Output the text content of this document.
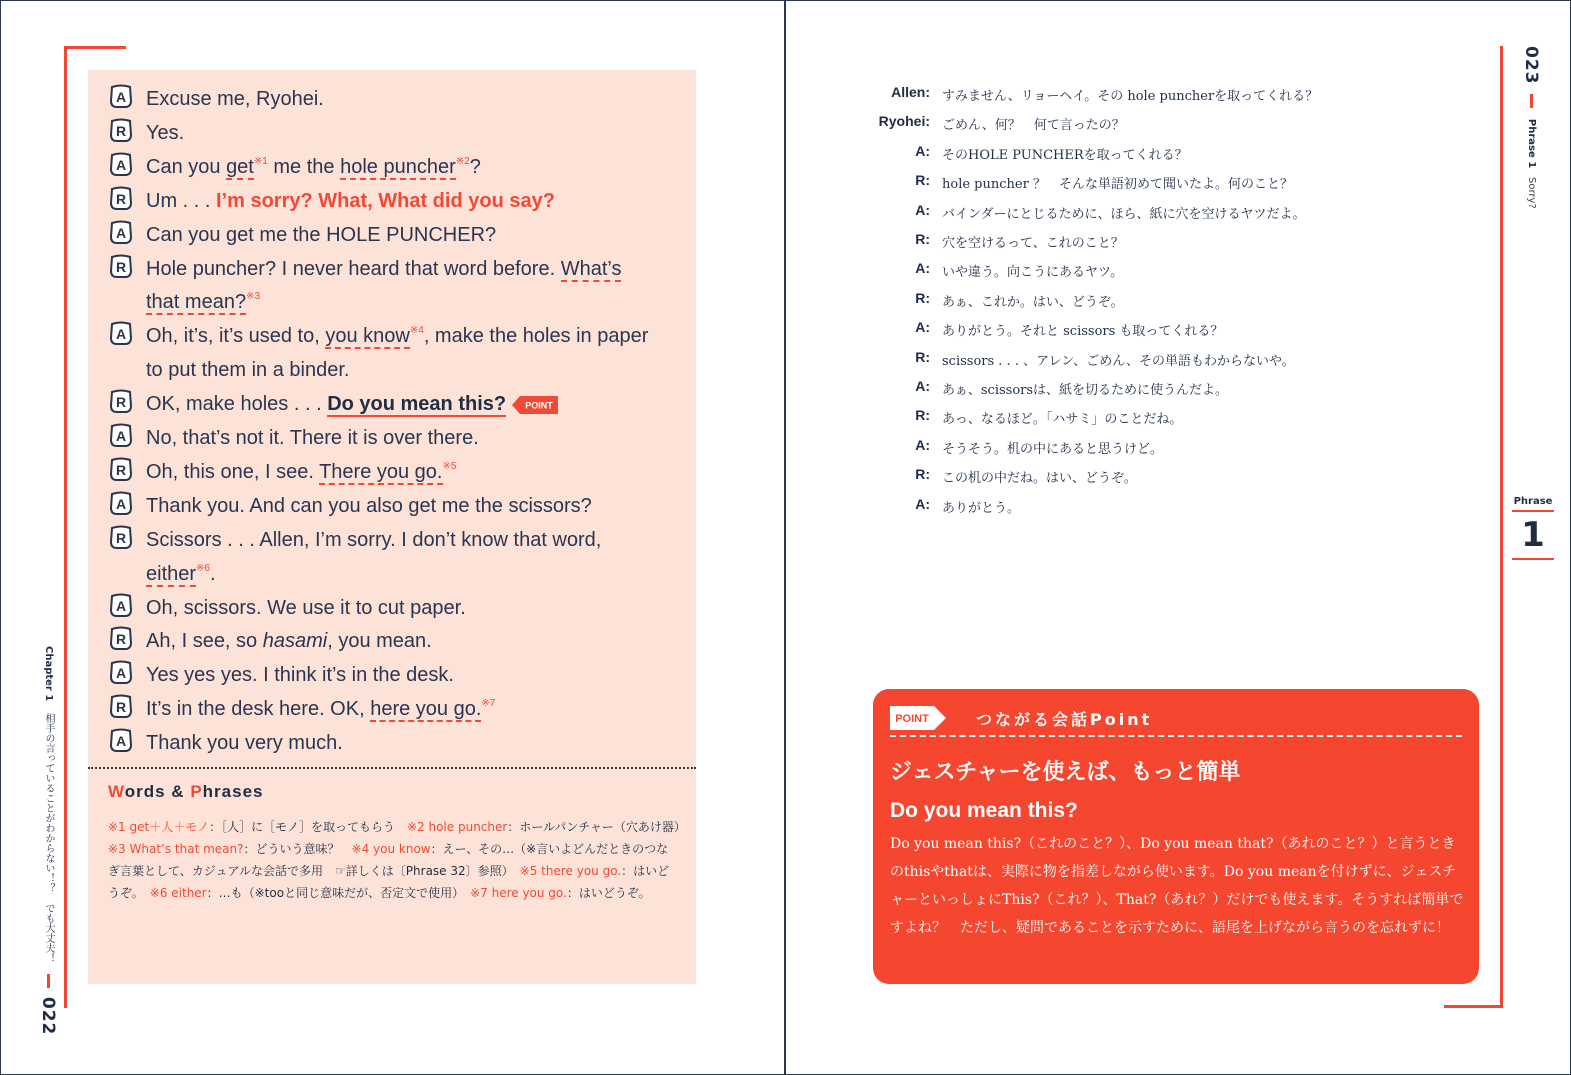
Chapter 1 相手の言っていることがわからない！？　でも大丈夫！  022
023  Phrase 1 Sorry?
Phrase
1
A Excuse me, Ryohei.
R Yes.
A Can you get$^{※1}$ me the hole puncher$^{※2}$?
R Um . . . I’m sorry? What, What did you say?
A Can you get me the HOLE PUNCHER?
R Hole puncher? I never heard that word before. What’s
that mean?$^{※3}$
A Oh, it’s, it’s used to, you know$^{※4}$, make the holes in paper
to put them in a binder.
R OK, make holes . . . Do you mean this? POINT
A No, that’s not it. There it is over there.
R Oh, this one, I see. There you go.$^{※5}$
A Thank you. And can you also get me the scissors?
R Scissors . . . Allen, I’m sorry. I don’t know that word,
either$^{※6}$.
A Oh, scissors. We use it to cut paper.
R Ah, I see, so hasami, you mean.
A Yes yes yes. I think it’s in the desk.
R It’s in the desk here. OK, here you go.$^{※7}$
A Thank you very much.
Words & Phrases
※1 get＋人＋モノ：［人］に［モノ］を取ってもらう　※2 hole puncher：ホールパンチャー（穴あけ器）　※3 What’s that mean?：どういう意味？　※4 you know：えー、その…（※言いよどんだときのつなぎ言葉として、カジュアルな会話で多用　☞詳しくは〔Phrase 32〕参照）　※5 there you go.：はいどうぞ。　※6 either：…も（※tooと同じ意味だが、否定文で使用）　※7 here you go.：はいどうぞ。
Allen: すみません、リョーヘイ。その hole puncherを取ってくれる？
Ryohei: ごめん、何？　何て言ったの？
A: そのHOLE PUNCHERを取ってくれる？
R: hole puncher ？　そんな単語初めて聞いたよ。何のこと？
A: バインダーにとじるために、ほら、紙に穴を空けるヤツだよ。
R: 穴を空けるって、これのこと？
A: いや違う。向こうにあるヤツ。
R: あぁ、これか。はい、どうぞ。
A: ありがとう。それと scissors も取ってくれる？
R: scissors . . . 、アレン、ごめん、その単語もわからないや。
A: あぁ、scissorsは、紙を切るために使うんだよ。
R: あっ、なるほど。「ハサミ」のことだね。
A: そうそう。机の中にあると思うけど。
R: この机の中だね。はい、どうぞ。
A: ありがとう。
POINT	つながる会話Point
ジェスチャーを使えば、もっと簡単
Do you mean this?
Do you mean this?（これのこと？）、Do you mean that?（あれのこと？）と言うときのthisやthatは、実際に物を指差しながら使います。Do you meanを付けずに、ジェスチャーといっしょにThis?（これ？）、That?（あれ？）だけでも使えます。そうすれば簡単ですよね？　ただし、疑問であることを示すために、語尾を上げながら言うのを忘れずに！
